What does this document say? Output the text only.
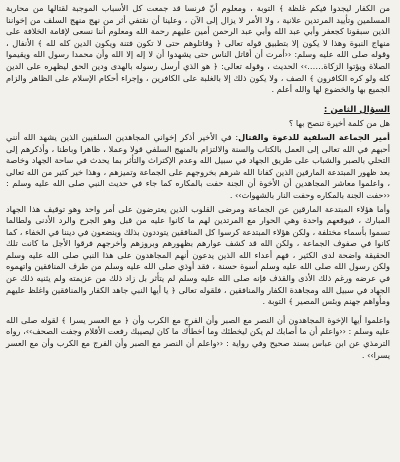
من الكفار ليجدوا فيكم غلظة ﴾ التوبة ، ومعلوم أنّ فرنسا قد جمعت كل الأسباب الموجبة لقتالها من محاربة المسلمين وتأييد المرتدين علانية ، ولا الأمر لا يزال إلى الآن ، وعلينا أن نقتفي أثر من نهج منهج السلف من إخواننا الذين سبقونا كجعفر وأبي عبد الله وأبي عبد الرحمن أمين عليهم رحمة الله ومعلوم أننا نسعى لإقامة الخلافة على منهاج النبوة وهذا لا يكون إلا بتطبيق قوله تعالى ﴿ وقاتلوهم حتى لا تكون فتنة ويكون الدين كله لله ﴾ الأنفال ، وقوله صلى الله عليه وسلم: ‹‹أمرت أن أقاتل الناس حتى يشهدوا أن لا إله إلا الله وأن محمدا رسول الله ويقيموا الصلاة ويؤتوا الزكاة……›› الحديث ، وقوله تعالى: ﴿ هو الذي أرسل رسوله بالهدى ودين الحق ليظهره على الدين كله ولو كره الكافرون ﴾ الصف ، ولا يكون ذلك إلا بالغلبة على الكافرين ، وإجراء أحكام الإسلام على الظاهر والزام الجميع بها والخضوع لها والله أعلم .

السؤال الثامن :

هل من كلمة أخيرة تنصح بها ؟

أمير الجماعة السلفية للدعوة والقتال: في الأخير أذكر إخواني المجاهدين السلفيين الذين يشهد الله أنني أحبهم في الله تعالى إلى العمل بالكتاب والسنة والالتزام بالمنهج السلفي قولا وعملا ، ظاهرا وباطنا ، وأذكرهم إلى التحلي بالصبر والشباب على طريق الجهاد في سبيل الله وعدم الإكتراث والتأثر بما يحدث في ساحة الجهاد وخاصة بعد ظهور المبتدعة المارقين الذين كفانا الله شرهم بخروجهم على الجماعة وتميزهم ، وهذا خير كثير من الله تعالى ، واعلموا معاشر المجاهدين أن الأخوة أن الجنة حفت بالمكاره كما جاء في حديث النبي صلى الله عليه وسلم : ‹‹حفت الجنة بالمكاره وحفت النار بالشهوات›› .

وأما هؤلاء المبتدعة المارقين عن الجماعة ومرضى القلوب الذين يعترضون على أمر واحد وهو توقيف هذا الجهاد المبارك ، فيوقعهم واحدة وهي الحوار مع المرتدين لهم ما كانوا عليه من قبل وهو الجرح والرد الأدنى ولطالما تسموا بأسماء مختلفة ، ولكن هؤلاء المبتدعة كرسوا كل المنافقين يتوددون بذلك وينضعون في ديننا في الخفاء ، كما كانوا في صفوف الجماعة ، ولكن الله قد كشف عوارهم بظهورهم وبروزهم وأخرجهم فرقوا الأجل ما كانت تلك الحقيقة واضحة لدى الكثير ، فهم أعداء الله الذين يدعون أنهم المجاهدون على هذا النبي صلى الله عليه وسلم ولكن رسول الله صلى الله عليه وسلم أسوة حسنة ، فقد أوذي صلى الله عليه وسلم من طرف المنافقين واتهموه في عرضه ورغم ذلك الأذى والقذف فإنه صلى الله عليه وسلم لم يتأثر بل زاد ذلك من عزيمته ولم يثنيه ذلك عن الجهاد في سبيل الله ومجاهدة الكفار والمنافقين ، فلقوله تعالى ﴿ يا أيها النبي جاهد الكفار والمنافقين واغلظ عليهم ومأواهم جهنم وبئس المصير ﴾ التوبة .

واعلموا أيها الإخوة المجاهدون أن النصر مع الصبر وأن الفرج مع الكرب وأن ﴿ مع العسر يسرا ﴾ لقوله صلى الله عليه وسلم : ‹‹واعلم أن ما أصابك لم يكن ليخطئك وما أخطأك ما كان ليصيبك رفعت الأقلام وجفت الصحف››، رواه الترمذي عن ابن عباس بسند صحيح وفي رواية : ‹‹واعلم أن النصر مع الصبر وأن الفرج مع الكرب وأن مع العسر يسرا›› .
